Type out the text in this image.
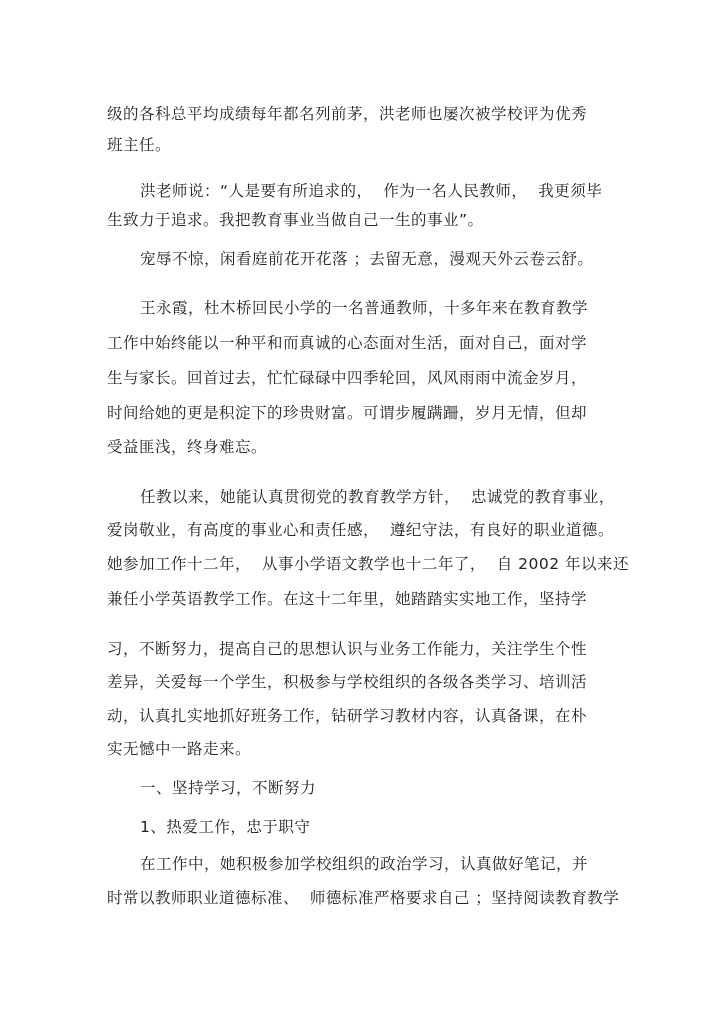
级的各科总平均成绩每年都名列前茅，洪老师也屡次被学校评为优秀
班主任。
洪老师说：“人是要有所追求的，  作为一名人民教师，  我更须毕
生致力于追求。我把教育事业当做自己一生的事业”。
宠辱不惊，闲看庭前花开花落 ；去留无意，漫观天外云卷云舒。
王永霞，杜木桥回民小学的一名普通教师，十多年来在教育教学
工作中始终能以一种平和而真诚的心态面对生活，面对自己，面对学
生与家长。回首过去，忙忙碌碌中四季轮回，风风雨雨中流金岁月，
时间给她的更是积淀下的珍贵财富。可谓步履蹒跚，岁月无情，但却
受益匪浅，终身难忘。
任教以来，她能认真贯彻党的教育教学方针，  忠诚党的教育事业，
爱岗敬业，有高度的事业心和责任感，  遵纪守法，有良好的职业道德。
她参加工作十二年，  从事小学语文教学也十二年了，  自 2002 年以来还
兼任小学英语教学工作。在这十二年里，她踏踏实实地工作，坚持学
习，不断努力，提高自己的思想认识与业务工作能力，关注学生个性
差异，关爱每一个学生，积极参与学校组织的各级各类学习、培训活
动，认真扎实地抓好班务工作，钻研学习教材内容，认真备课，在朴
实无憾中一路走来。
一、坚持学习，不断努力
1、热爱工作，忠于职守
在工作中，她积极参加学校组织的政治学习，认真做好笔记，并
时常以教师职业道德标准、  师德标准严格要求自己 ；坚持阅读教育教学
